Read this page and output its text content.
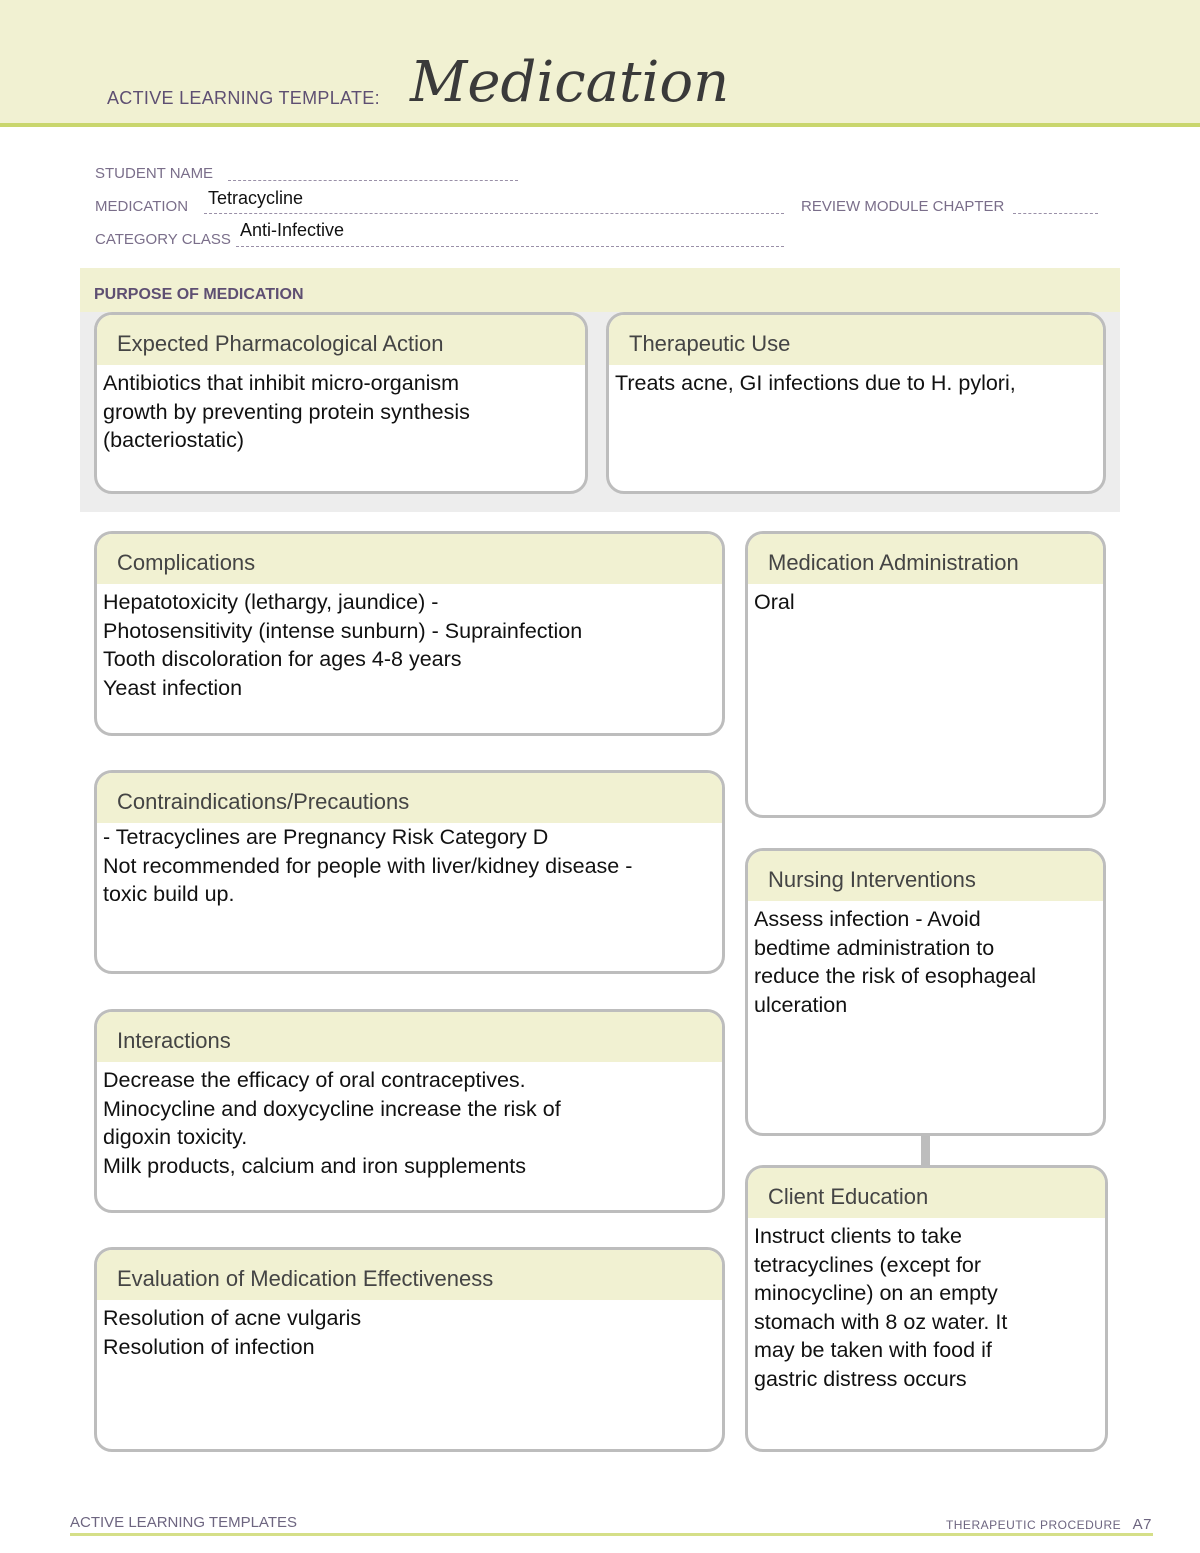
ACTIVE LEARNING TEMPLATE: Medication
STUDENT NAME
MEDICATION Tetracycline	REVIEW MODULE CHAPTER
CATEGORY CLASS Anti-Infective
PURPOSE OF MEDICATION
Expected Pharmacological Action
Antibiotics that inhibit micro-organism
growth by preventing protein synthesis
(bacteriostatic)
Therapeutic Use
Treats acne, GI infections due to H. pylori,
Complications
Hepatotoxicity (lethargy, jaundice) -
Photosensitivity (intense sunburn) - Suprainfection
Tooth discoloration for ages 4-8 years
Yeast infection
Medication Administration
Oral
Contraindications/Precautions
- Tetracyclines are Pregnancy Risk Category D
Not recommended for people with liver/kidney disease -
toxic build up.
Nursing Interventions
Assess infection - Avoid
bedtime administration to
reduce the risk of esophageal
ulceration
Interactions
Decrease the efficacy of oral contraceptives.
Minocycline and doxycycline increase the risk of
digoxin toxicity.
Milk products, calcium and iron supplements
Client Education
Instruct clients to take
tetracyclines (except for
minocycline) on an empty
stomach with 8 oz water. It
may be taken with food if
gastric distress occurs
Evaluation of Medication Effectiveness
Resolution of acne vulgaris
Resolution of infection
ACTIVE LEARNING TEMPLATES	THERAPEUTIC PROCEDURE A7
